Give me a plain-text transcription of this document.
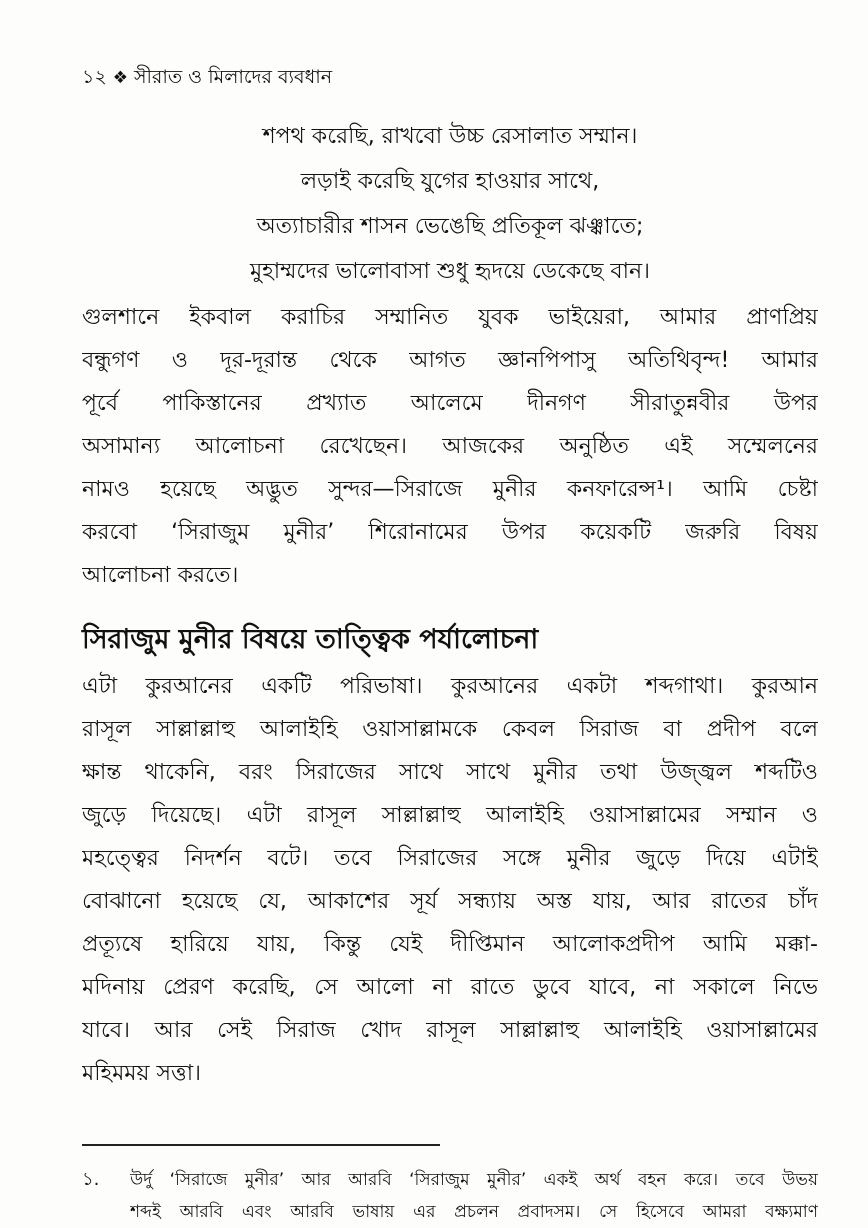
১২ ❖ সীরাত ও মিলাদের ব্যবধান
শপথ করেছি, রাখবো উচ্চ রেসালাত সম্মান।
লড়াই করেছি যুগের হাওয়ার সাথে,
অত্যাচারীর শাসন ভেঙেছি প্রতিকূল ঝঞ্ঝাতে;
মুহাম্মদের ভালোবাসা শুধু হৃদয়ে ডেকেছে বান।
গুলশানে ইকবাল করাচির সম্মানিত যুবক ভাইয়েরা, আমার প্রাণপ্রিয়
বন্ধুগণ ও দূর-দূরান্ত থেকে আগত জ্ঞানপিপাসু অতিথিবৃন্দ! আমার
পূর্বে পাকিস্তানের প্রখ্যাত আলেমে দীনগণ সীরাতুন্নবীর উপর
অসামান্য আলোচনা রেখেছেন। আজকের অনুষ্ঠিত এই সম্মেলনের
নামও হয়েছে অদ্ভুত সুন্দর—সিরাজে মুনীর কনফারেন্স¹। আমি চেষ্টা
করবো ‘সিরাজুম মুনীর’ শিরোনামের উপর কয়েকটি জরুরি বিষয়
আলোচনা করতে।
সিরাজুম মুনীর বিষয়ে তাত্ত্বিক পর্যালোচনা
এটা কুরআনের একটি পরিভাষা। কুরআনের একটা শব্দগাথা। কুরআন
রাসূল সাল্লাল্লাহু আলাইহি ওয়াসাল্লামকে কেবল সিরাজ বা প্রদীপ বলে
ক্ষান্ত থাকেনি, বরং সিরাজের সাথে সাথে মুনীর তথা উজ্জ্বল শব্দটিও
জুড়ে দিয়েছে। এটা রাসূল সাল্লাল্লাহু আলাইহি ওয়াসাল্লামের সম্মান ও
মহত্ত্বের নিদর্শন বটে। তবে সিরাজের সঙ্গে মুনীর জুড়ে দিয়ে এটাই
বোঝানো হয়েছে যে, আকাশের সূর্য সন্ধ্যায় অস্ত যায়, আর রাতের চাঁদ
প্রত্যূষে হারিয়ে যায়, কিন্তু যেই দীপ্তিমান আলোকপ্রদীপ আমি মক্কা-
মদিনায় প্রেরণ করেছি, সে আলো না রাতে ডুবে যাবে, না সকালে নিভে
যাবে। আর সেই সিরাজ খোদ রাসূল সাল্লাল্লাহু আলাইহি ওয়াসাল্লামের
মহিমময় সত্তা।
১. উর্দু ‘সিরাজে মুনীর’ আর আরবি ‘সিরাজুম মুনীর’ একই অর্থ বহন করে। তবে উভয়
শব্দই আরবি এবং আরবি ভাষায় এর প্রচলন প্রবাদসম। সে হিসেবে আমরা বক্ষ্যমাণ
